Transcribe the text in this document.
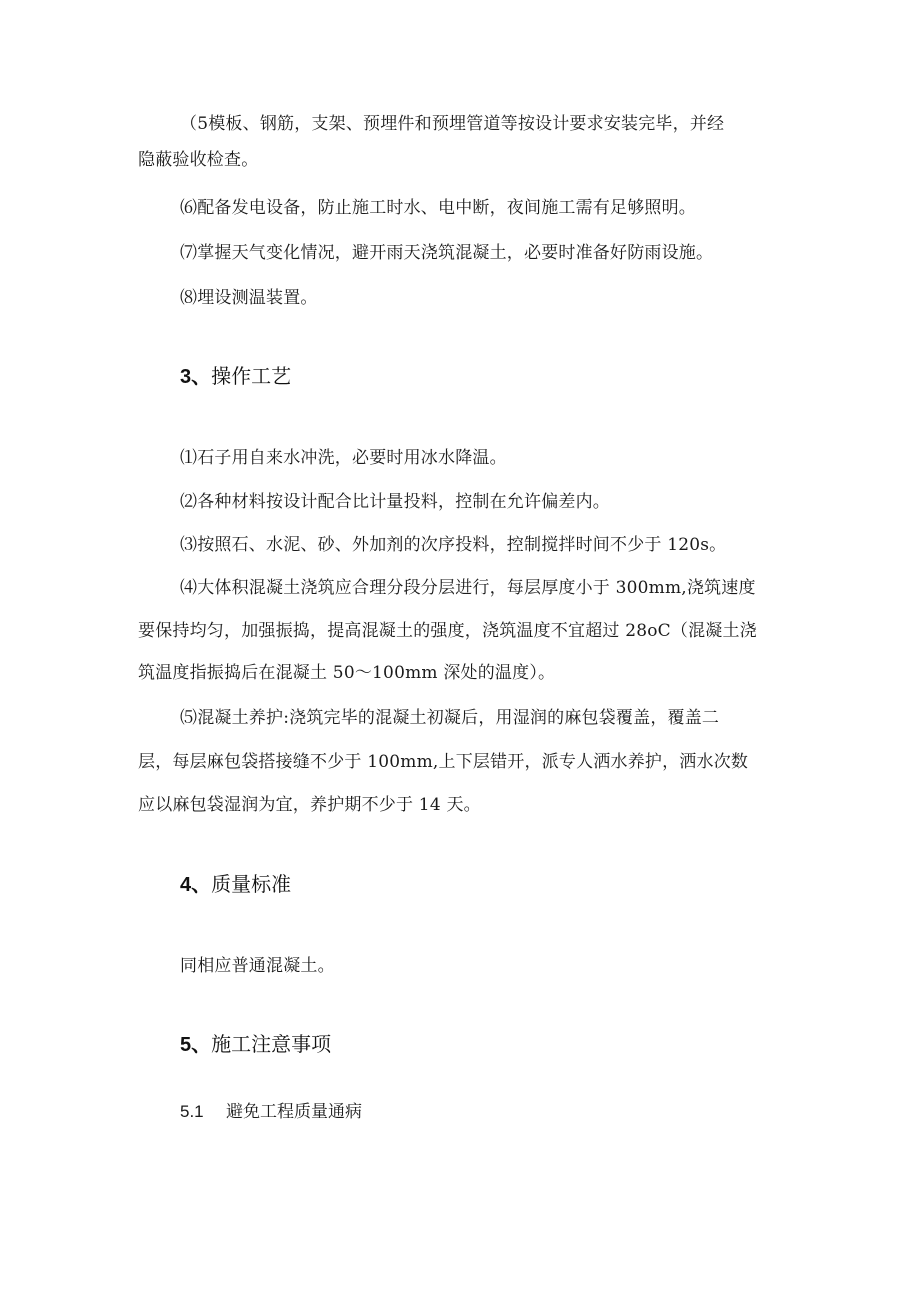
（5模板、钢筋，支架、预埋件和预埋管道等按设计要求安装完毕，并经
隐蔽验收检查。
⑹配备发电设备，防止施工时水、电中断，夜间施工需有足够照明。
⑺掌握天气变化情况，避开雨天浇筑混凝土，必要时准备好防雨设施。
⑻埋设测温装置。
3、操作工艺
⑴石子用自来水冲洗，必要时用冰水降温。
⑵各种材料按设计配合比计量投料，控制在允许偏差内。
⑶按照石、水泥、砂、外加剂的次序投料，控制搅拌时间不少于 120s。
⑷大体积混凝土浇筑应合理分段分层进行，每层厚度小于 300mm,浇筑速度
要保持均匀，加强振捣，提高混凝土的强度，浇筑温度不宜超过 28oC（混凝土浇
筑温度指振捣后在混凝土 50～100mm 深处的温度）。
⑸混凝土养护:浇筑完毕的混凝土初凝后，用湿润的麻包袋覆盖，覆盖二
层，每层麻包袋搭接缝不少于 100mm,上下层错开，派专人洒水养护，洒水次数
应以麻包袋湿润为宜，养护期不少于 14 天。
4、质量标准
同相应普通混凝土。
5、施工注意事项
5.1 避免工程质量通病
